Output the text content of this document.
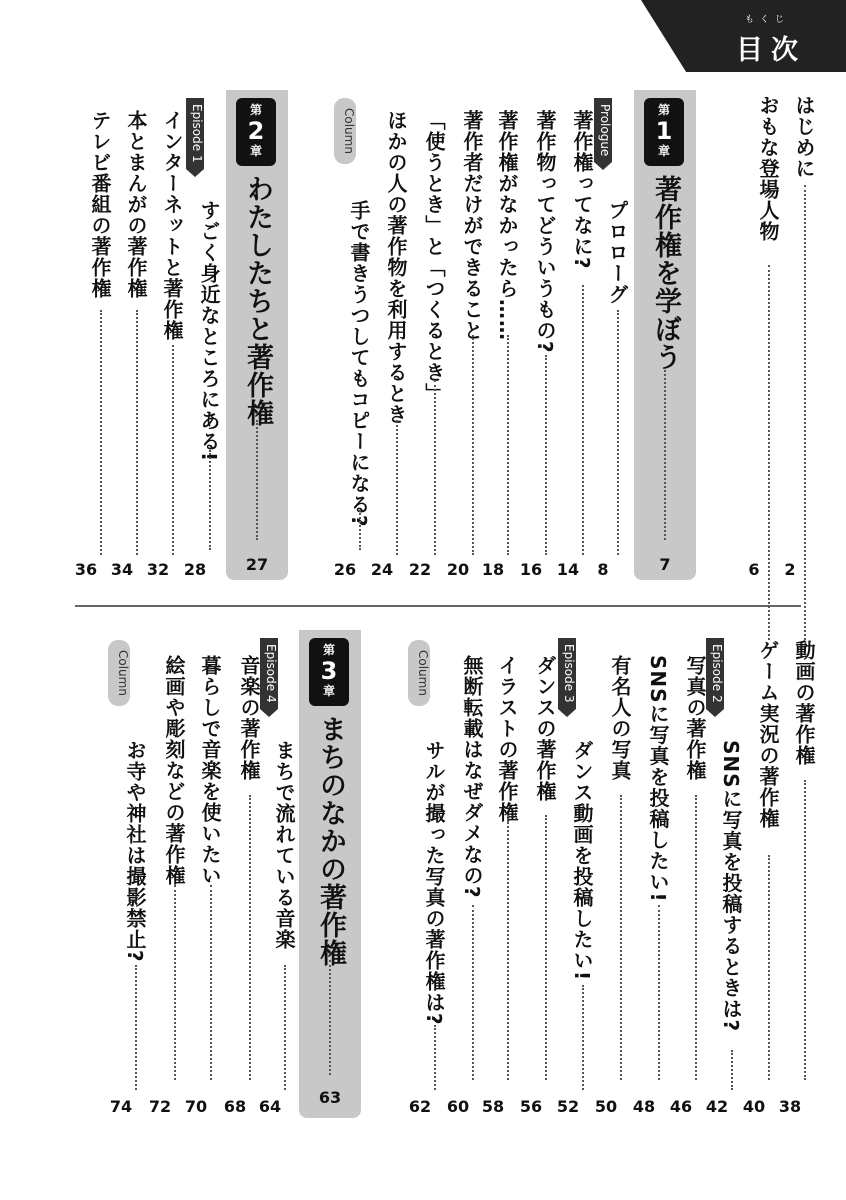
もくじ
目次
はじめに
2
おもな登場人物
6
第
1
章
著作権を学ぼう
7
Prologue
プロローグ
8
著作権ってなに?
14
著作物ってどういうもの?
16
著作権がなかったら……
18
著作者だけができること
20
「使うとき」と「つくるとき」
22
ほかの人の著作物を利用するとき
24
Column
手で書きうつしてもコピーになる?
26
第
2
章
わたしたちと著作権
27
Episode 1
すごく身近なところにある!
28
インターネットと著作権
32
本とまんがの著作権
34
テレビ番組の著作権
36
動画の著作権
38
ゲーム実況の著作権
40
Episode 2
SNSに写真を投稿するときは?
42
写真の著作権
46
SNSに写真を投稿したい!
48
有名人の写真
50
Episode 3
ダンス動画を投稿したい!
52
ダンスの著作権
56
イラストの著作権
58
無断転載はなぜダメなの?
60
Column
サルが撮った写真の著作権は?
62
第
3
章
まちのなかの著作権
63
Episode 4
まちで流れている音楽
64
音楽の著作権
68
暮らしで音楽を使いたい
70
絵画や彫刻などの著作権
72
Column
お寺や神社は撮影禁止?
74
